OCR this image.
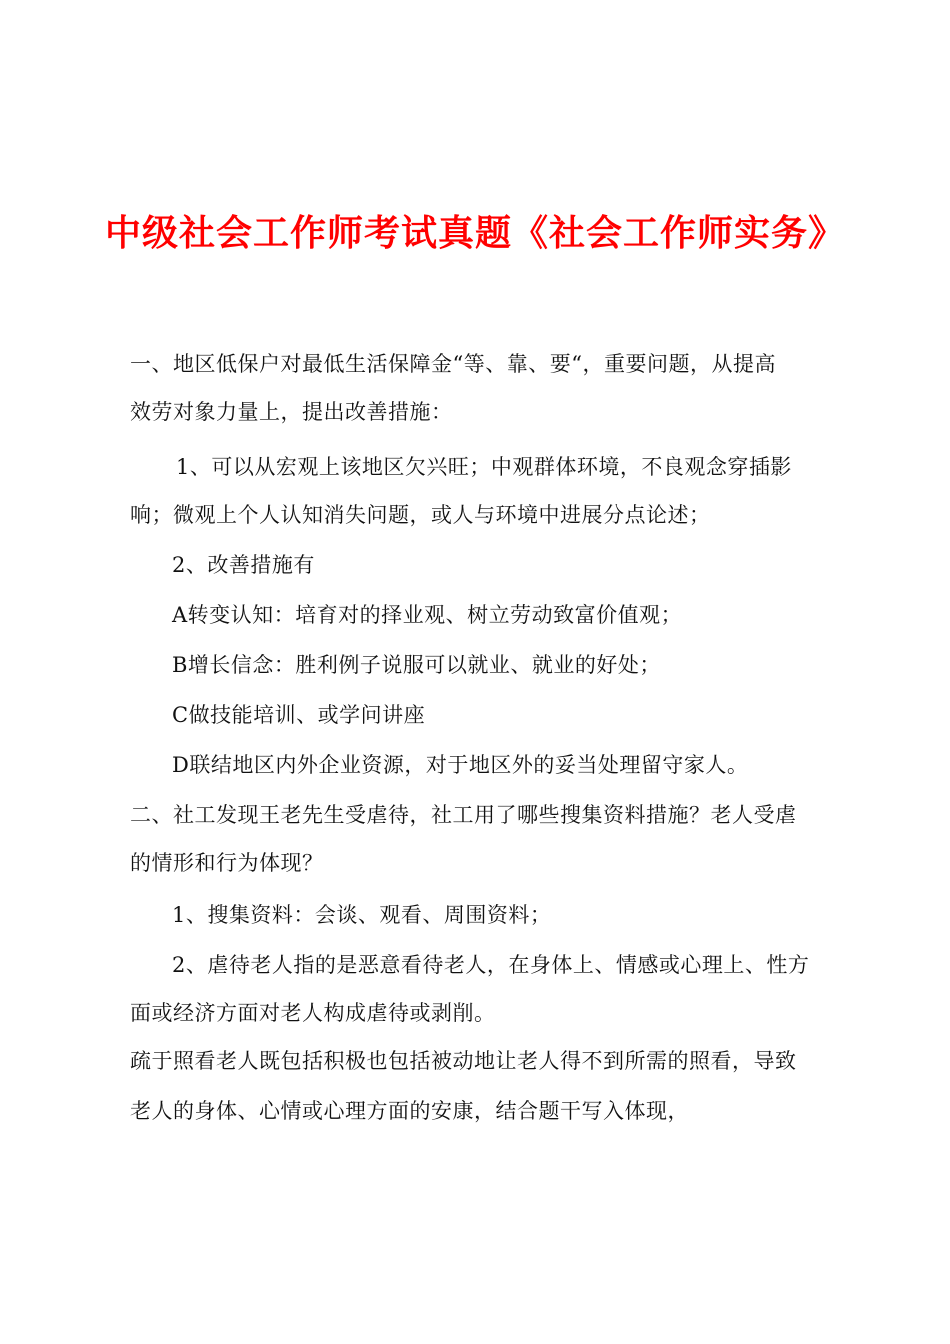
中级社会工作师考试真题《社会工作师实务》

一、地区低保户对最低生活保障金“等、靠、要“，重要问题，从提高

效劳对象力量上，提出改善措施：

1、可以从宏观上该地区欠兴旺；中观群体环境，不良观念穿插影

响；微观上个人认知消失问题，或人与环境中进展分点论述；

2、改善措施有

A转变认知：培育对的择业观、树立劳动致富价值观；

B增长信念：胜利例子说服可以就业、就业的好处；

C做技能培训、或学问讲座

D联结地区内外企业资源，对于地区外的妥当处理留守家人。

二、社工发现王老先生受虐待，社工用了哪些搜集资料措施？老人受虐

的情形和行为体现？

1、搜集资料：会谈、观看、周围资料；

2、虐待老人指的是恶意看待老人，在身体上、情感或心理上、性方

面或经济方面对老人构成虐待或剥削。

疏于照看老人既包括积极也包括被动地让老人得不到所需的照看，导致

老人的身体、心情或心理方面的安康，结合题干写入体现，
